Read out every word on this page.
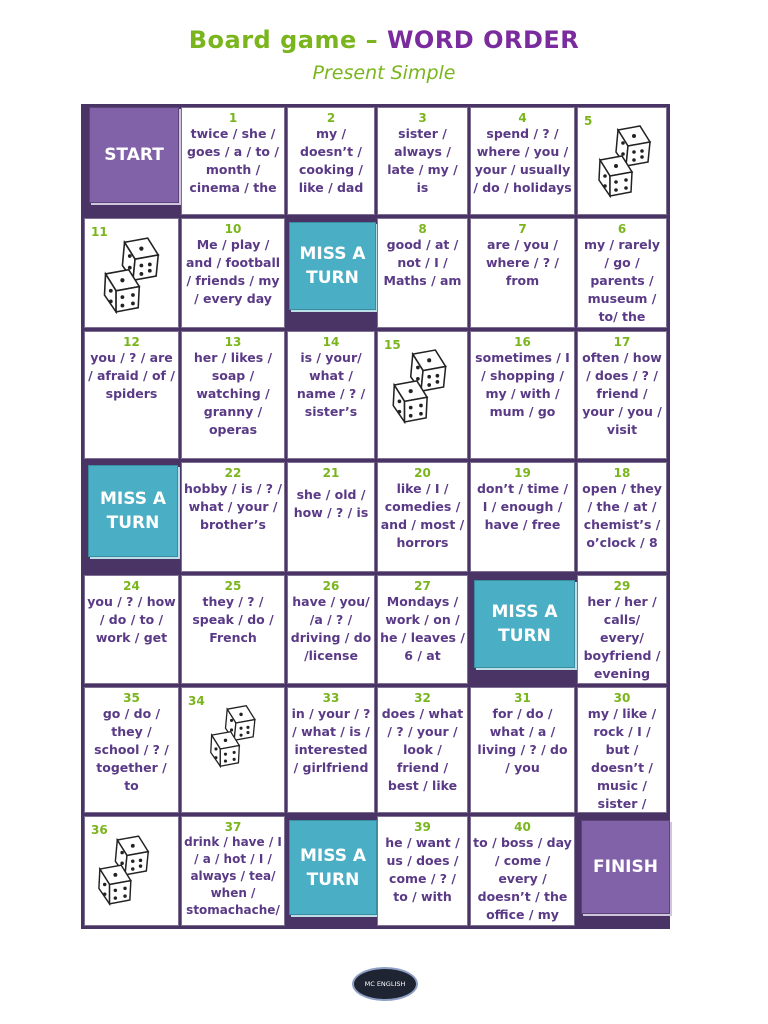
Board game – WORD ORDER
Present Simple
START
1
twice / she / goes / a / to / month / cinema / the
2
my / doesn’t / cooking / like / dad
3
sister / always / late / my / is
4
spend / ? / where / you / your / usually / do / holidays
5
11	10
Me / play / and / football / friends / my / every day
MISS A TURN
8
good / at / not / I / Maths / am
7
are / you / where / ? / from
6
my / rarely / go / parents / museum / to/ the
12
you / ? / are / afraid / of / spiders
13
her / likes / soap / watching / granny / operas
14
is / your/ what / name / ? / sister’s
15	16
sometimes / I / shopping / my / with / mum / go
17
often / how / does / ? / friend / your / you / visit
MISS A TURN
22
hobby / is / ? / what / your / brother’s
21
she / old / how / ? / is
20
like / I / comedies / and / most / horrors
19
don’t / time / I / enough / have / free
18
open / they / the / at / chemist’s / o’clock / 8
24
you / ? / how / do / to / work / get
25
they / ? / speak / do / French
26
have / you/ /a / ? / driving / do /license
27
Mondays / work / on / he / leaves / 6 / at
MISS A TURN
29
her / her / calls/ every/ boyfriend / evening
35
go / do / they / school / ? / together / to
34	33
in / your / ? / what / is / interested / girlfriend
32
does / what / ? / your / look / friend / best / like
31
for / do / what / a / living / ? / do / you
30
my / like / rock / I / but / doesn’t / music / sister /
36	37
drink / have / I / a / hot / I / always / tea/ when / stomachache/
MISS A TURN
39
he / want / us / does / come / ? / to / with
40
to / boss / day / come / every / doesn’t / the office / my
FINISH
MC ENGLISH
